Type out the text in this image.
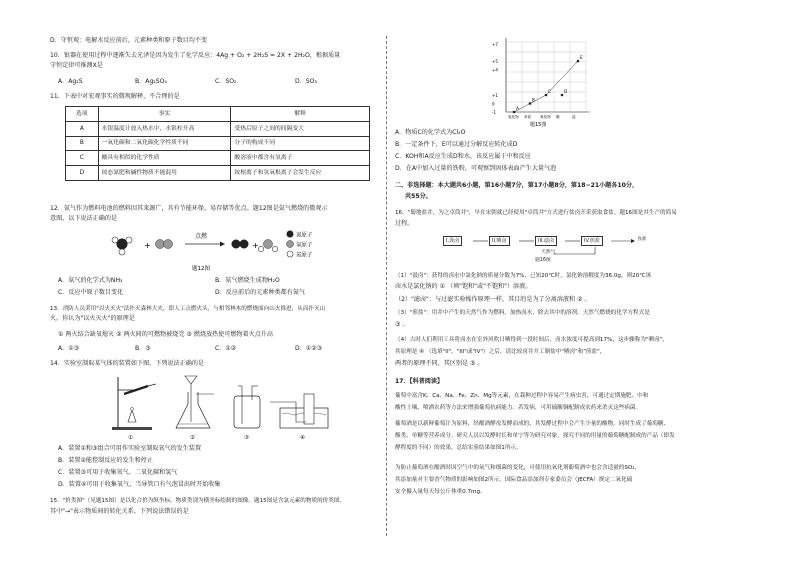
D．守恒观：电解水反应前后，元素种类和原子数目均不变
10．银器在使用过程中逐渐失去光泽是因为发生了化学反应：4Ag + O₂ + 2H₂S = 2X + 2H₂O，根据质量
守恒定律可推测X是
A．Ag₂S	B．Ag₂SO₄	C．SO₂	D．SO₃
11．下表中对宏观事实的微观解释，不合理的是
选项	事实	解释
A	水银温度计放入热水中，水银柱升高	受热后原子之间的间隔变大
B	一氧化碳和二氧化碳化学性质不同	分子的构成不同
C	酸具有相似的化学性质	酸溶液中都含有氢离子
D	铵态氮肥和碱性物质不能混用	铵根离子和氢氧根离子会发生反应
12．氨气作为燃料电池的燃料因其来源广，具有节能环保、易存储等优点。题12图是氨气燃烧的微观示
意图，以下说法正确的是
+
点燃
+
氮原子
氧原子
氢原子
题12图
A．氨气的化学式为NH₃	B．氨气燃烧生成物H₂O
C．反应中原子数目变化	D．反应前后的元素种类都有氮气
13．消防人员采用"以火灭火"法扑灭森林大火，即人工点燃火头，与相邻林木的燃烧面向山火推进，从而扑灭山
火。你认为"以火灭火"的原理是
① 两火结合缺氧熄灭 ② 两火间的可燃物被烧完 ③ 燃烧放热使可燃物着火点升高
A．①③	B．③	C．①②	D．①②③
14．实验室制取某气体的装置如下图，下列说法正确的是
①	②	③	④
A．装置①和③组合可用作实验室制取氧气的发生装置
B．装置②能控制反应的发生和停止
C．装置③可用于收集氧气、二氧化碳和氢气
D．装置④可用于收集氧气，当导管口有气泡冒出时开始收集
15．"价类图"（见题15图）是以化合价为纵坐标，物质类别为横坐标绘制的图像。题15图是含氯元素的物质的价类图，
其中"→"表示物质间的转化关系，下列说法错误的是
+7
+5
+4
+1
0
-1
氢化物 单质 氧化物 酸	盐
A
B
C	D
E
题15图
A．物质C的化学式为Cl₂O
B．一定条件下，E可以通过分解反应转化成D
C．KOH和A反应生成D和水，该反应属于中和反应
D．在A中加入过量的铁粉，可观察到固体表面产生大量气泡
二、非选择题：本大题共6小题，第16小题7分，第17小题8分，第18~21小题各10分，
共55分。
16．"蜀地盐井，为之卓筒井"，早在宋朝就已经使用"卓筒井"方式进行盐卤开采获取食盐。题16图是其生产的简易
过程。
I.汲卤	II.晒卤	III.滤卤	IV.煎盐
天然气
食盐
题16图
（1）"汲卤"：获得的卤水中氯化钠的质量分数为7%，已知20℃时，氯化钠溶解度为36.0g，则20℃该
卤水是氯化钠的 ① （填"饱和"或"不饱和"）溶液。
（2）"滤卤"：与过滤实验操作原理一样，其目的是为了分离溶液和 ② 。
（3）"煎盐"：用井中产生的天然气作为燃料，加热卤水，除去其中的溶剂。天然气燃烧的化学方程式是
③ 。
（4）古时人们利用工具将卤水在室外风吹日晒得到一段时间后，卤水浓度可提高到17%，这步骤称为"晒卤"，
其原理是 ④ （选填"II"、"III"或"IV"）之后，请比较卤井开工制盐中"晒卤"和"煎盐"，
两者的原理不同，其区别是 ⑤ 。
17．【科普阅读】
葡萄中富含K、Ca、Na、Fe、Zn、Mg等元素，在栽种过程中容易产生病虫害，可通过定期施肥、中和
酸性土壤、喷洒农药等方法来增强葡萄抗病能力。若发病，可用硫酸铜配制成农药来杀灭这些病菌。
葡萄酒是以新鲜葡萄汁为原料，经酿酒酵母发酵而成的，其发酵过程中会产生少量的酸物，同时生成了葡萄糖、
酯类、单糖等营养成分。研究人员以发酵时长和单宁等为研究对象，探究不同的用量的葡萄糖配制成的产品（即发
酵程度的不同）的效果，总结实验结果如图1所示。
为防止葡萄酒在酿酒时因空气中的氧气和细菌的变化，可使用抗氧化剂葡萄酒中也会含适量的SO₂，
其添加量对主要香气物质的影响如图2所示。国际食品添加剂专家委员会（JECFA）规定二氧化硫
安全摄入量每天每公斤体重0.7mg。
